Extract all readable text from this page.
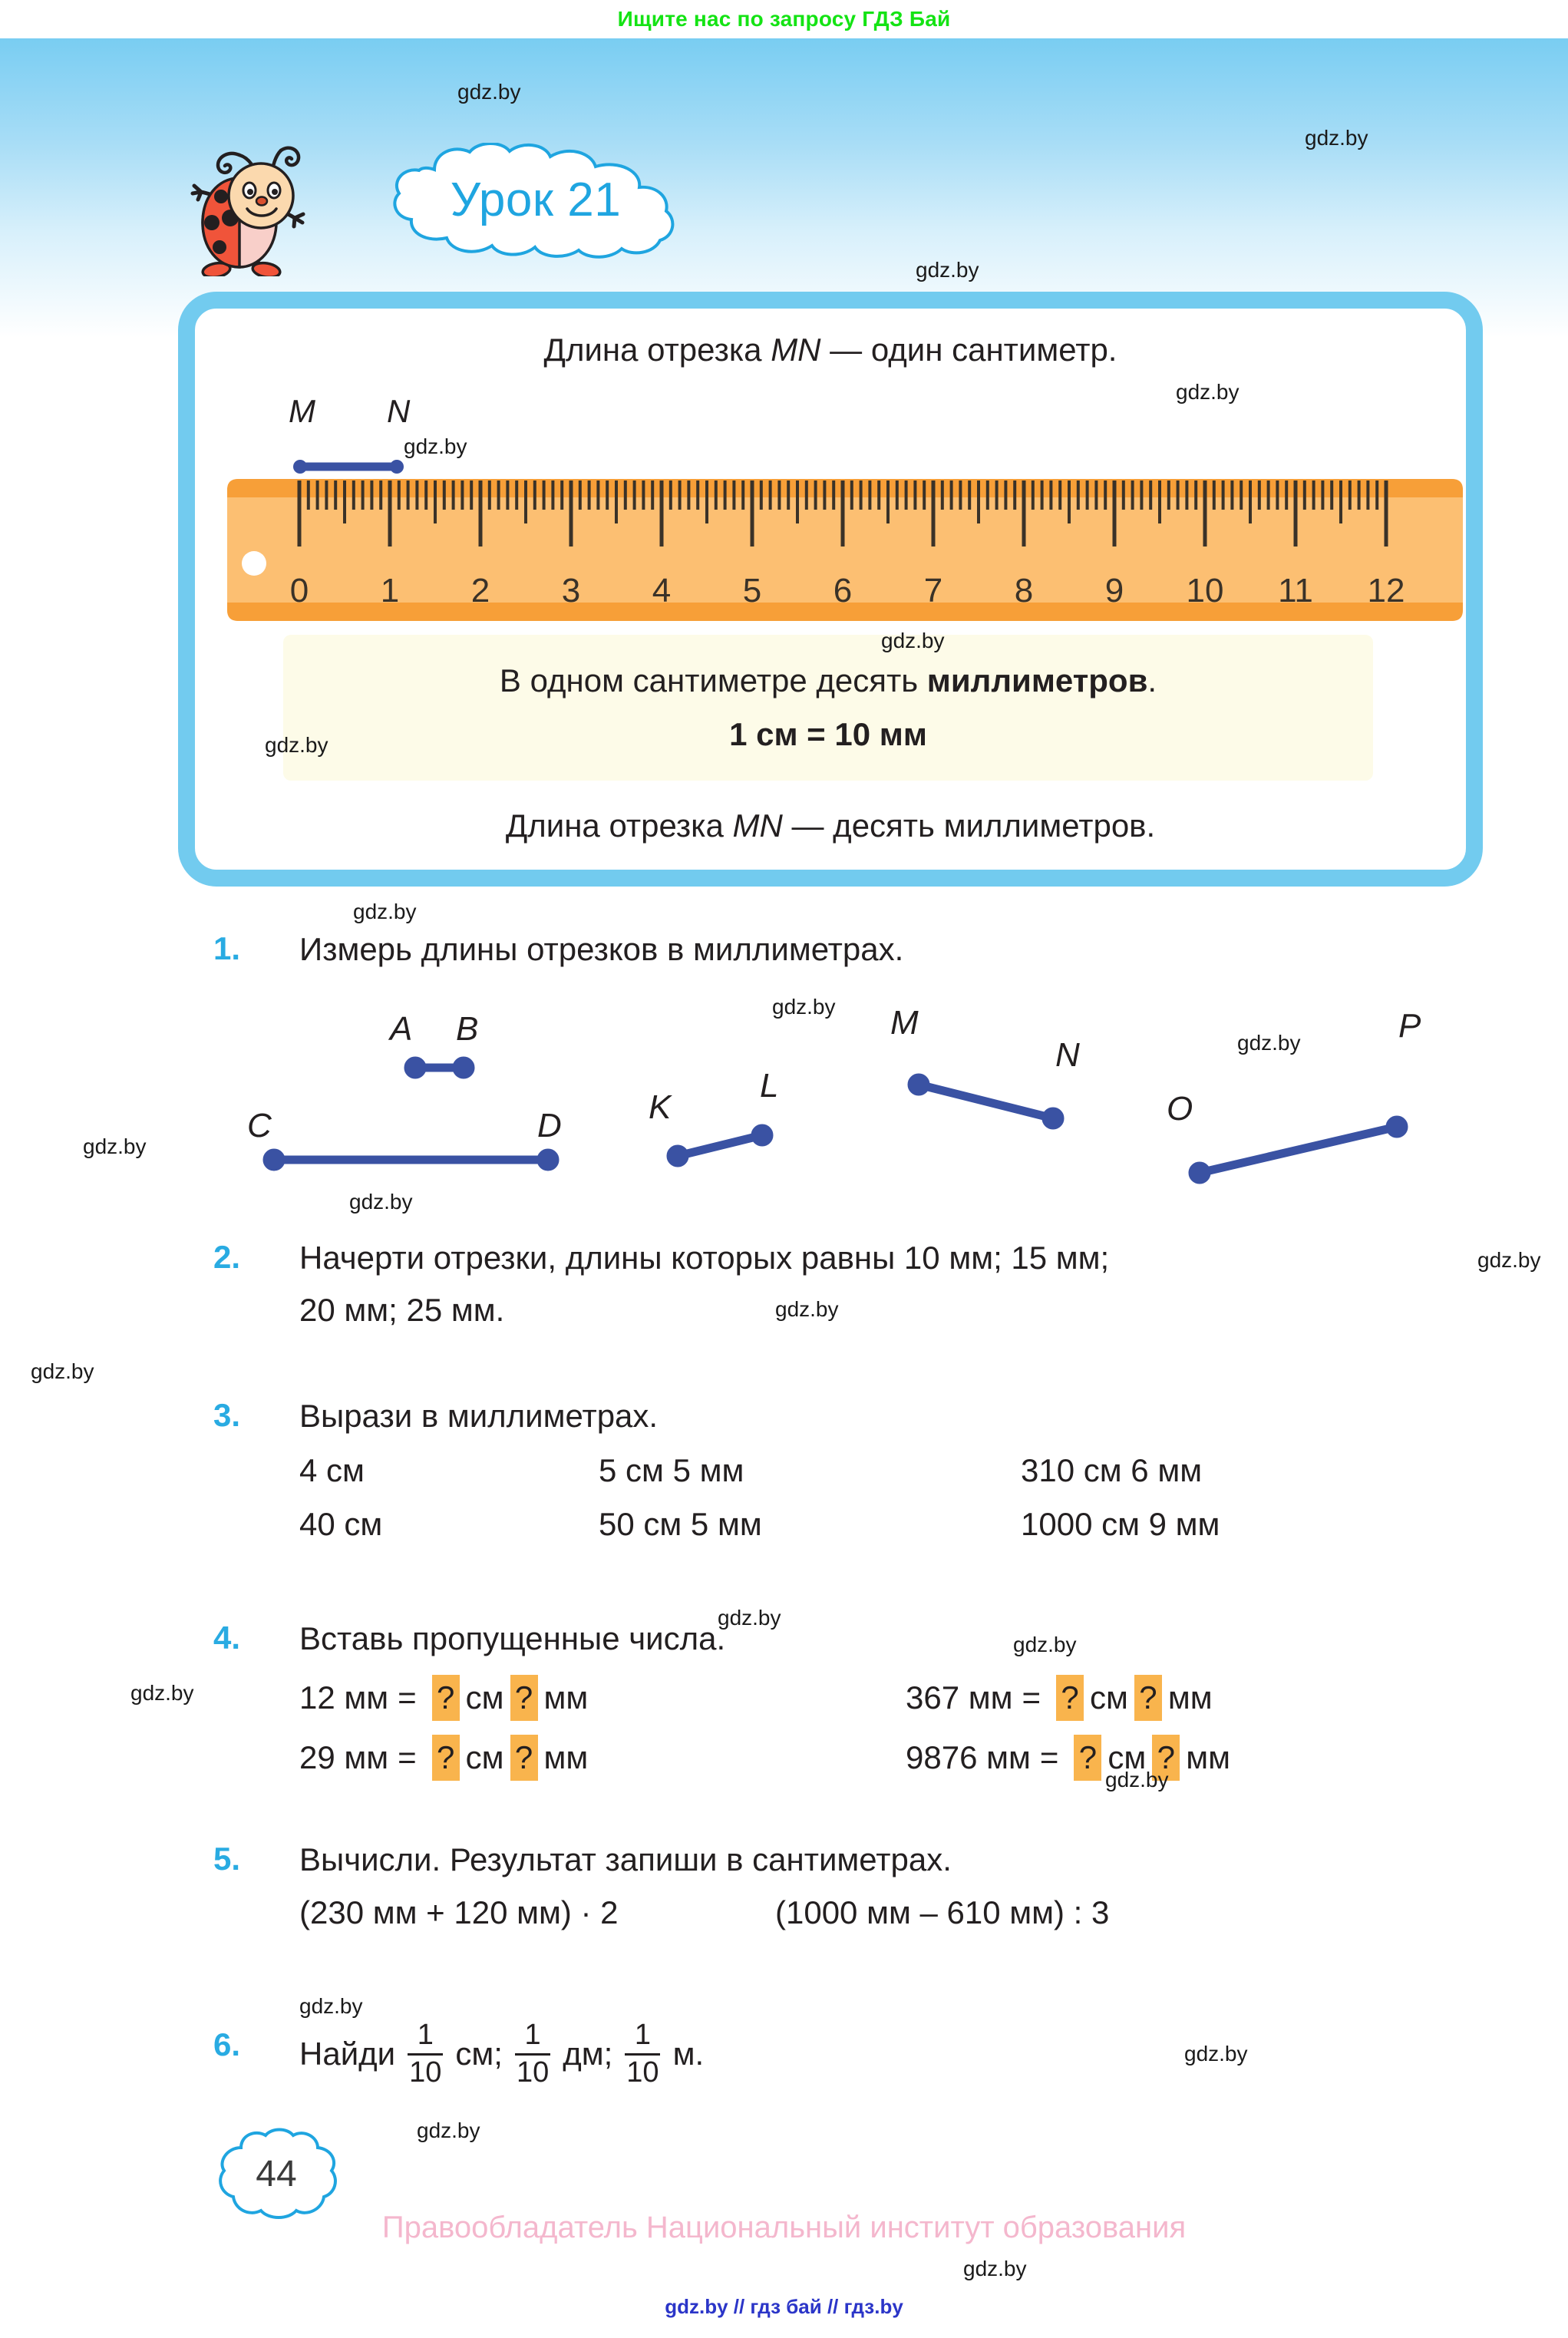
Ищите нас по запросу ГДЗ Бай
Урок 21
Длина отрезка MN — один сантиметр.
M N
0 1 2 3 4 5 6 7 8 9 10 11 12
В одном сантиметре десять миллиметров.
1 см = 10 мм
Длина отрезка MN — десять миллиметров.
1. Измерь длины отрезков в миллиметрах.
A B
C	D	K
L
M
N
O
P
2. Начерти отрезки, длины которых равны 10 мм; 15 мм;
20 мм; 25 мм.
3. Вырази в миллиметрах.
4 см	5 см 5 мм	310 см 6 мм
40 см	50 см 5 мм	1000 см 9 мм
4. Вставь пропущенные числа.
12 мм = ? см ? мм	367 мм = ? см ? мм
29 мм = ? см ? мм	9876 мм = ? см ? мм
5. Вычисли. Результат запиши в сантиметрах.
(230 мм + 120 мм) · 2	(1000 мм – 610 мм) : 3
6. Найди $\frac{1}{10}$ см; $\frac{1}{10}$ дм; $\frac{1}{10} м$.
44
Правообладатель Национальный институт образования
gdz.by // гдз бай // гдз.by
gdz.by
gdz.by
gdz.by
gdz.by
gdz.by
gdz.by
gdz.by
gdz.by
gdz.by
gdz.by
gdz.by
gdz.by
gdz.by
gdz.by
gdz.by
gdz.by
gdz.by
gdz.by
gdz.by
gdz.by
gdz.by
gdz.by
gdz.by
